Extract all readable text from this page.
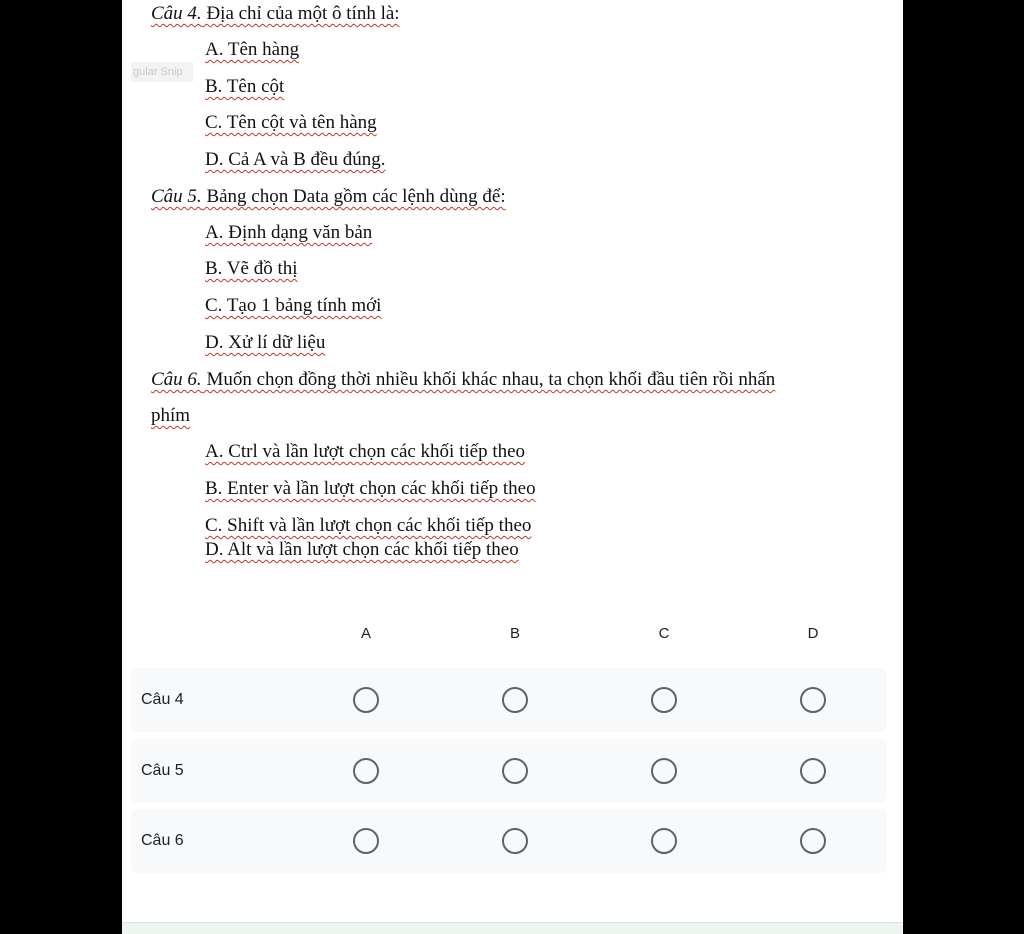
gular Snip
Câu 4. Địa chỉ của một ô tính là:
A. Tên hàng
B. Tên cột
C. Tên cột và tên hàng
D. Cả A và B đều đúng.
Câu 5. Bảng chọn Data gồm các lệnh dùng để:
A. Định dạng văn bản
B. Vẽ đồ thị
C. Tạo 1 bảng tính mới
D. Xử lí dữ liệu
Câu 6. Muốn chọn đồng thời nhiều khối khác nhau, ta chọn khối đầu tiên rồi nhấn
phím
A. Ctrl và lần lượt chọn các khối tiếp theo
B. Enter và lần lượt chọn các khối tiếp theo
C. Shift và lần lượt chọn các khối tiếp theo
D. Alt và lần lượt chọn các khối tiếp theo
A	B	C	D
Câu 4
Câu 5
Câu 6
